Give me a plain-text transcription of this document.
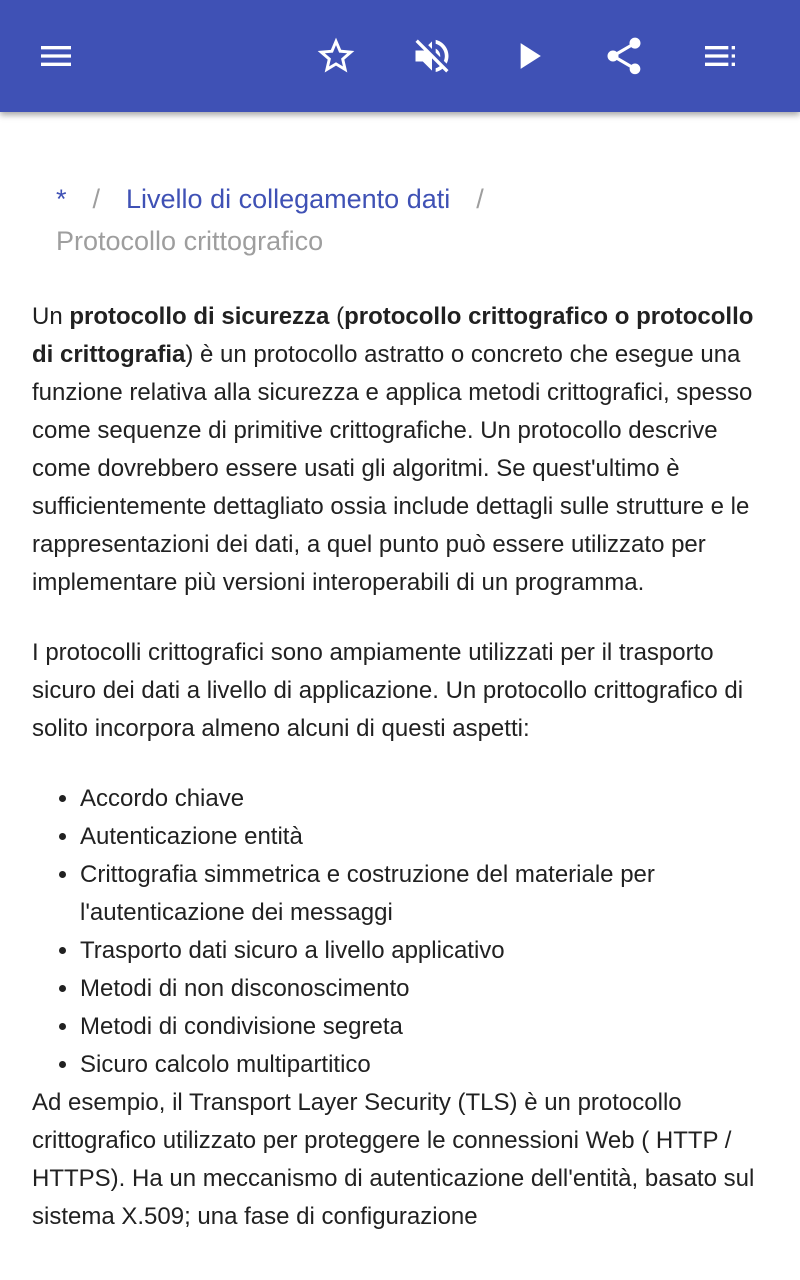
* / Livello di collegamento dati /
Protocollo crittografico

Un protocollo di sicurezza (protocollo crittografico o protocollo di crittografia) è un protocollo astratto o concreto che esegue una funzione relativa alla sicurezza e applica metodi crittografici, spesso come sequenze di primitive crittografiche. Un protocollo descrive come dovrebbero essere usati gli algoritmi. Se quest'ultimo è sufficientemente dettagliato ossia include dettagli sulle strutture e le rappresentazioni dei dati, a quel punto può essere utilizzato per implementare più versioni interoperabili di un programma.

I protocolli crittografici sono ampiamente utilizzati per il trasporto sicuro dei dati a livello di applicazione. Un protocollo crittografico di solito incorpora almeno alcuni di questi aspetti:

• Accordo chiave
• Autenticazione entità
• Crittografia simmetrica e costruzione del materiale per l'autenticazione dei messaggi
• Trasporto dati sicuro a livello applicativo
• Metodi di non disconoscimento
• Metodi di condivisione segreta
• Sicuro calcolo multipartitico

Ad esempio, il Transport Layer Security (TLS) è un protocollo crittografico utilizzato per proteggere le connessioni Web ( HTTP / HTTPS). Ha un meccanismo di autenticazione dell'entità, basato sul sistema X.509; una fase di configurazione
